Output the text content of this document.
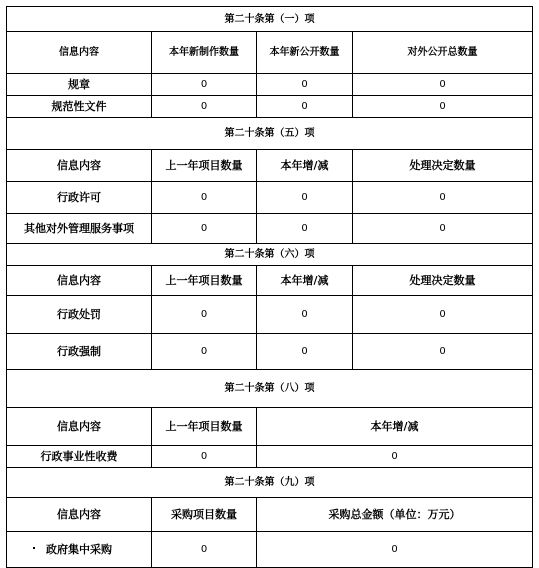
第二十条第（一）项			
信息内容	本年新制作数量	本年新公开数量	对外公开总数量
规章	0	0	0
规范性文件	0	0	0
第二十条第（五）项			
信息内容	上一年项目数量	本年增/减	处理决定数量
行政许可	0	0	0
其他对外管理服务事项	0	0	0
第二十条第（六）项			
信息内容	上一年项目数量	本年增/减	处理决定数量
行政处罚	0	0	0
行政强制	0	0	0
第二十条第（八）项			
信息内容	上一年项目数量	本年增/减	
行政事业性收费	0	0	
第二十条第（九）项			
信息内容	采购项目数量	采购总金额（单位：万元）	
政府集中采购	0	0	
